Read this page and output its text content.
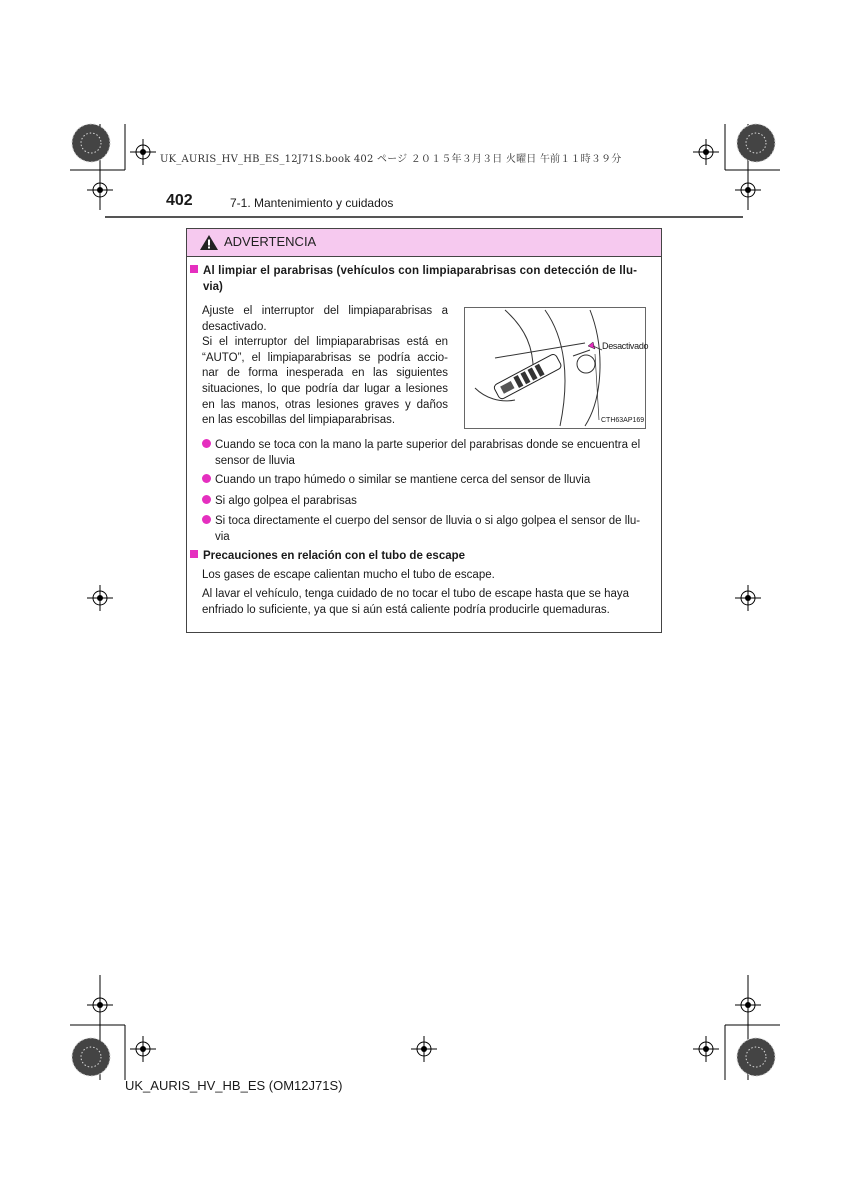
UK_AURIS_HV_HB_ES_12J71S.book 402 ページ ２０１５年３月３日 火曜日 午前１１時３９分
402	7-1. Mantenimiento y cuidados
ADVERTENCIA
Al limpiar el parabrisas (vehículos con limpiaparabrisas con detección de llu-
via)
Ajuste el interruptor del limpiaparabrisas a
desactivado.
Si el interruptor del limpiaparabrisas está en
“AUTO”, el limpiaparabrisas se podría accio-
nar de forma inesperada en las siguientes
situaciones, lo que podría dar lugar a lesiones
en las manos, otras lesiones graves y daños
en las escobillas del limpiaparabrisas.
Desactivado
CTH63AP169
Cuando se toca con la mano la parte superior del parabrisas donde se encuentra el
sensor de lluvia
Cuando un trapo húmedo o similar se mantiene cerca del sensor de lluvia
Si algo golpea el parabrisas
Si toca directamente el cuerpo del sensor de lluvia o si algo golpea el sensor de llu-
via
Precauciones en relación con el tubo de escape
Los gases de escape calientan mucho el tubo de escape.
Al lavar el vehículo, tenga cuidado de no tocar el tubo de escape hasta que se haya
enfriado lo suficiente, ya que si aún está caliente podría producirle quemaduras.
UK_AURIS_HV_HB_ES (OM12J71S)
